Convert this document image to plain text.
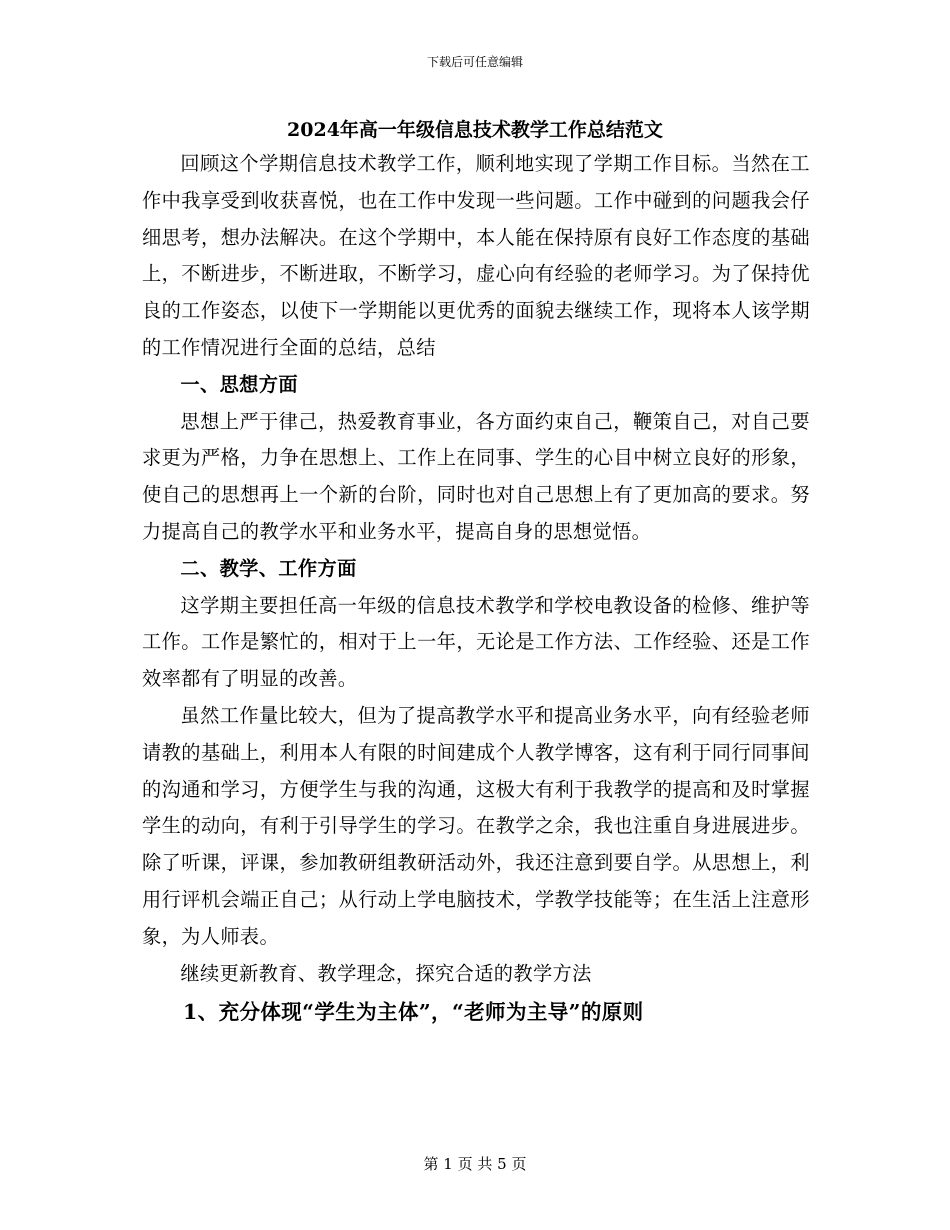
下载后可任意编辑
2024年高一年级信息技术教学工作总结范文

回顾这个学期信息技术教学工作，顺利地实现了学期工作目标。当然在工作中我享受到收获喜悦，也在工作中发现一些问题。工作中碰到的问题我会仔细思考，想办法解决。在这个学期中，本人能在保持原有良好工作态度的基础上，不断进步，不断进取，不断学习，虚心向有经验的老师学习。为了保持优良的工作姿态，以使下一学期能以更优秀的面貌去继续工作，现将本人该学期的工作情况进行全面的总结，总结

一、思想方面

思想上严于律己，热爱教育事业，各方面约束自己，鞭策自己，对自己要求更为严格，力争在思想上、工作上在同事、学生的心目中树立良好的形象，使自己的思想再上一个新的台阶，同时也对自己思想上有了更加高的要求。努力提高自己的教学水平和业务水平，提高自身的思想觉悟。

二、教学、工作方面

这学期主要担任高一年级的信息技术教学和学校电教设备的检修、维护等工作。工作是繁忙的，相对于上一年，无论是工作方法、工作经验、还是工作效率都有了明显的改善。

虽然工作量比较大，但为了提高教学水平和提高业务水平，向有经验老师请教的基础上，利用本人有限的时间建成个人教学博客，这有利于同行同事间的沟通和学习，方便学生与我的沟通，这极大有利于我教学的提高和及时掌握学生的动向，有利于引导学生的学习。在教学之余，我也注重自身进展进步。除了听课，评课，参加教研组教研活动外，我还注意到要自学。从思想上，利用行评机会端正自己；从行动上学电脑技术，学教学技能等；在生活上注意形象，为人师表。

继续更新教育、教学理念，探究合适的教学方法

1、充分体现“学生为主体”，“老师为主导”的原则
第 1 页 共 5 页
